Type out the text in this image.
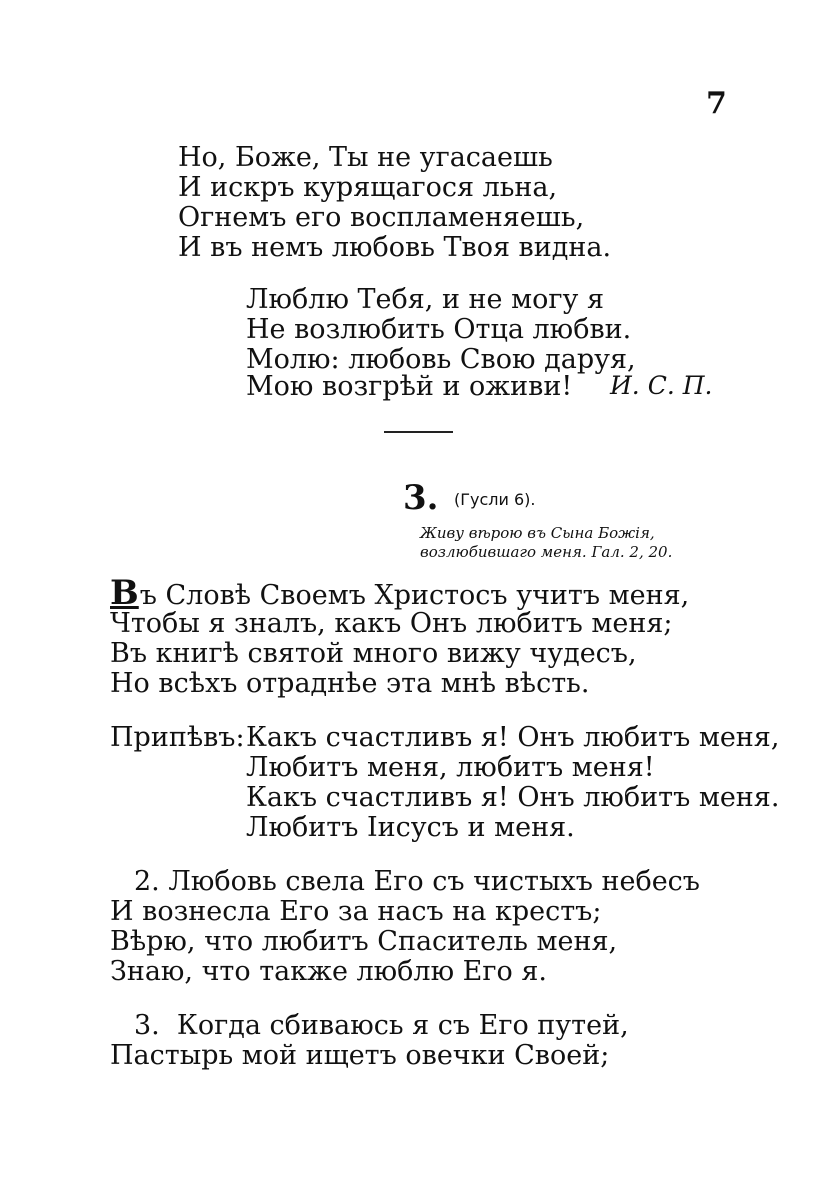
7
Но, Боже, Ты не угасаешь
И искръ курящагося льна,
Огнемъ его воспламеняешь,
И въ немъ любовь Твоя видна.
Люблю Тебя, и не могу я
Не возлюбить Отца любви.
Молю: любовь Свою даруя,
Мою возгрѣй и оживи! И. С. П.
3. (Гусли 6).
Живу вѣрою въ Сына Божія,
возлюбившаго меня. Гал. 2, 20.
Въ Словѣ Своемъ Христосъ учитъ меня,
Чтобы я зналъ, какъ Онъ любитъ меня;
Въ книгѣ святой много вижу чудесъ,
Но всѣхъ отраднѣе эта мнѣ вѣсть.
Припѣвъ: Какъ счастливъ я! Онъ любитъ меня,
Любитъ меня, любитъ меня!
Какъ счастливъ я! Онъ любитъ меня.
Любитъ Іисусъ и меня.
2. Любовь свела Его съ чистыхъ небесъ
И вознесла Его за насъ на крестъ;
Вѣрю, что любитъ Спаситель меня,
Знаю, что также люблю Его я.
3.  Когда сбиваюсь я съ Его путей,
Пастырь мой ищетъ овечки Своей;
